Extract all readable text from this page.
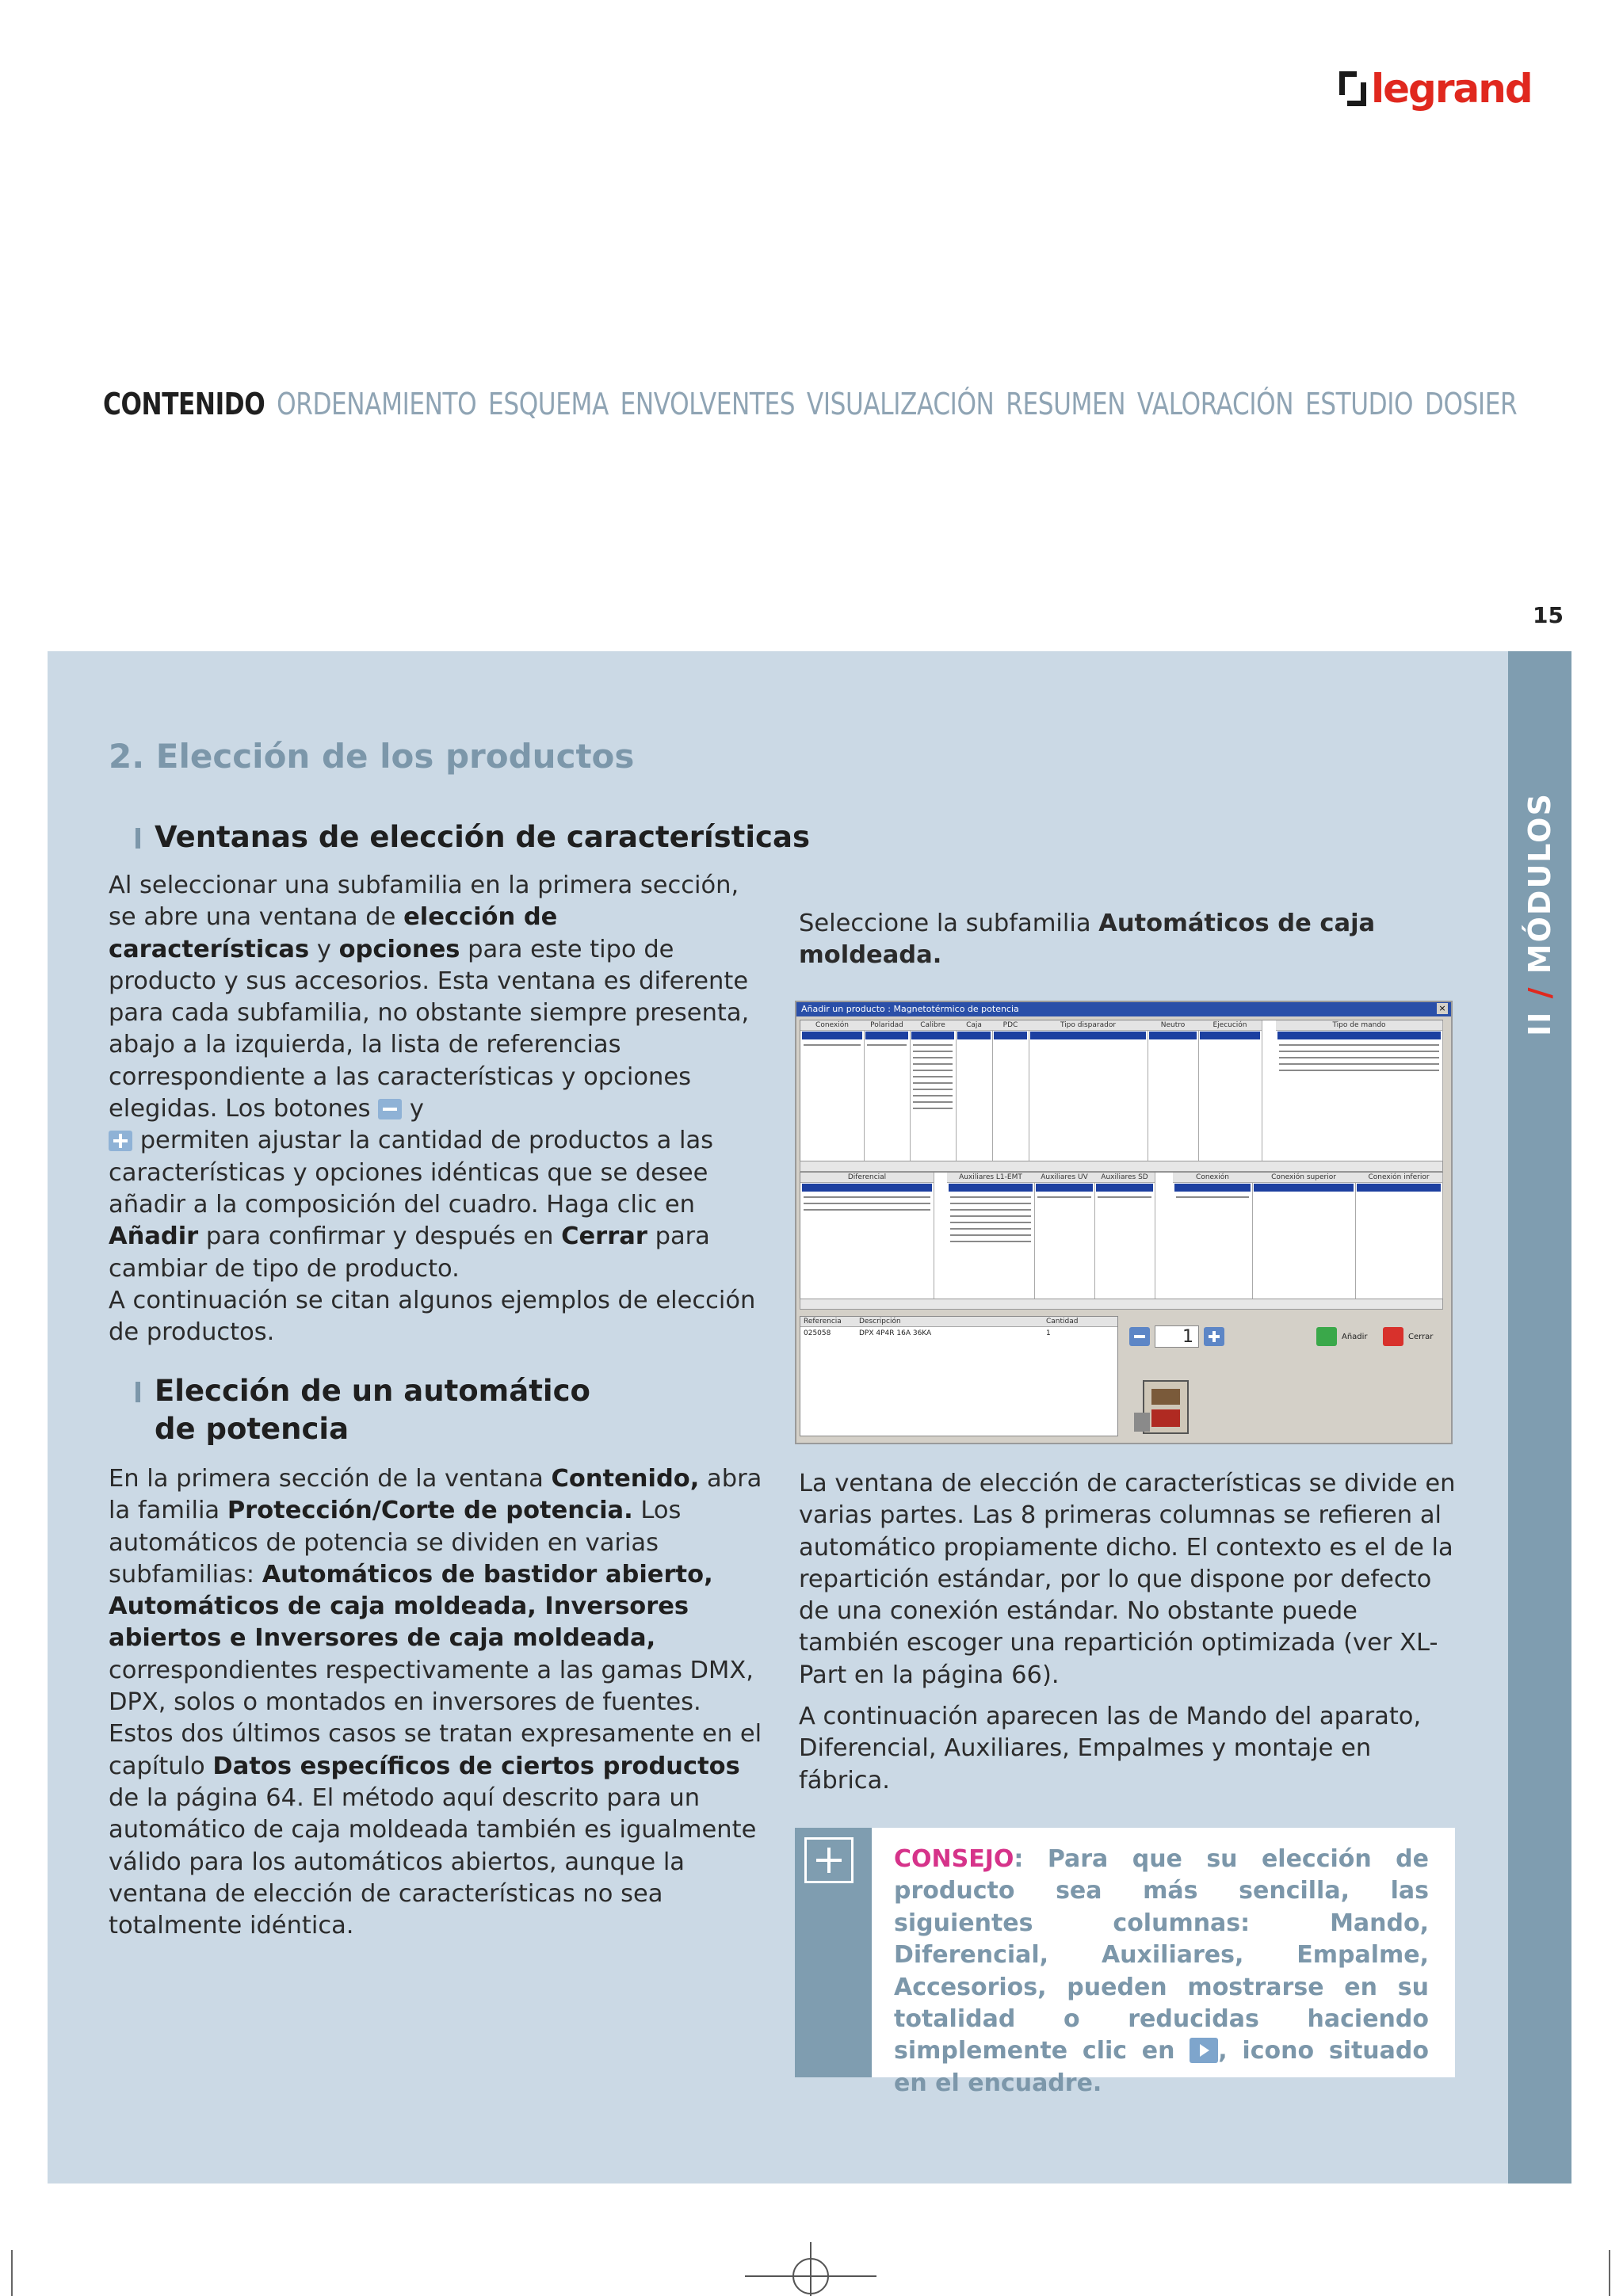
legrand
CONTENIDO ORDENAMIENTO ESQUEMA ENVOLVENTES VISUALIZACIÓN RESUMEN VALORACIÓN ESTUDIO DOSIER
15
II / MÓDULOS
2. Elección de los productos
Ventanas de elección de características
Al seleccionar una subfamilia en la primera sección, se abre una ventana de elección de características y opciones para este tipo de producto y sus accesorios. Esta ventana es diferente para cada subfamilia, no obstante siempre presenta, abajo a la izquierda, la lista de referencias correspondiente a las características y opciones elegidas. Los botones  y
permiten ajustar la cantidad de productos a las características y opciones idénticas que se desee añadir a la composición del cuadro. Haga clic en Añadir para confirmar y después en Cerrar para cambiar de tipo de producto.
A continuación se citan algunos ejemplos de elección de productos.
Elección de un automático
de potencia
En la primera sección de la ventana Contenido, abra la familia Protección/Corte de potencia. Los automáticos de potencia se dividen en varias subfamilias: Automáticos de bastidor abierto, Automáticos de caja moldeada, Inversores abiertos e Inversores de caja moldeada, correspondientes respectivamente a las gamas DMX, DPX, solos o montados en inversores de fuentes. Estos dos últimos casos se tratan expresamente en el capítulo Datos específicos de ciertos productos de la página 64. El método aquí descrito para un automático de caja moldeada también es igualmente válido para los automáticos abiertos, aunque la ventana de elección de características no sea totalmente idéntica.
Seleccione la subfamilia Automáticos de caja moldeada.
Añadir un producto : Magnetotérmico de potencia	×
Conexión	Polaridad	Calibre	Caja	PDC	Tipo disparador	Neutro	Ejecución	Tipo de mando
Diferencial	Auxiliares L1-EMT	Auxiliares UV	Auxiliares SD	Conexión	Conexión superior	Conexión inferior
Referencia	Descripción	Cantidad
025058	DPX 4P4R 16A 36KA	1	1	Añadir	Cerrar
La ventana de elección de características se divide en varias partes. Las 8 primeras columnas se refieren al automático propiamente dicho. El contexto es el de la repartición estándar, por lo que dispone por defecto de una conexión estándar. No obstante puede también escoger una repartición optimizada (ver XL-Part en la página 66).
A continuación aparecen las de Mando del aparato, Diferencial, Auxiliares, Empalmes y montaje en fábrica.
CONSEJO: Para que su elección de producto sea más sencilla, las siguientes columnas: Mando, Diferencial, Auxiliares, Empalme, Accesorios, pueden mostrarse en su totalidad o reducidas haciendo simplemente clic en , icono situado en el encuadre.
